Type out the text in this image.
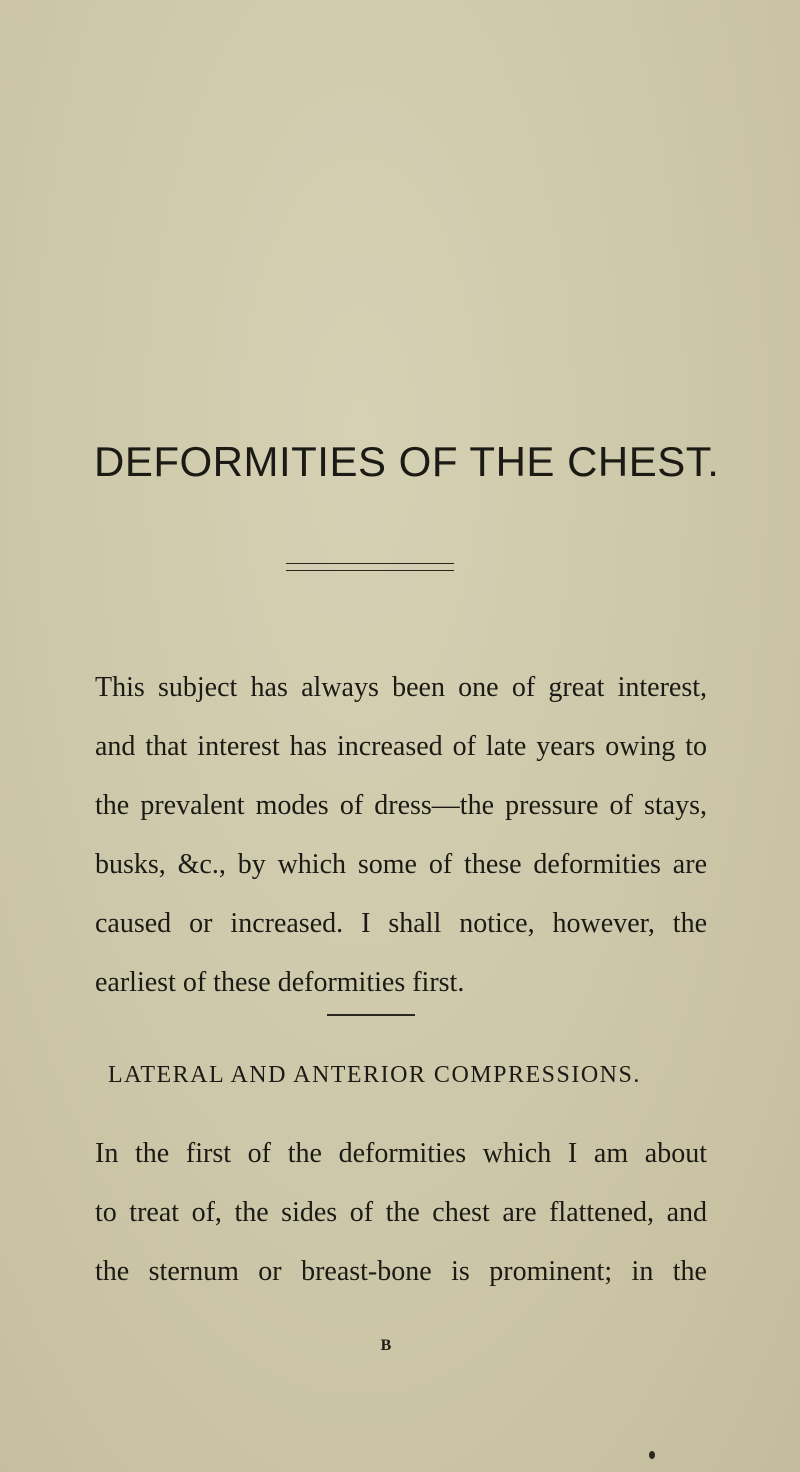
DEFORMITIES OF THE CHEST.
This subject has always been one of great interest,
and that interest has increased of late years owing to
the prevalent modes of dress—the pressure of stays,
busks, &c., by which some of these deformities are
caused or increased. I shall notice, however, the
earliest of these deformities first.
LATERAL AND ANTERIOR COMPRESSIONS.
In the first of the deformities which I am about
to treat of, the sides of the chest are flattened, and
the sternum or breast-bone is prominent; in the
B
